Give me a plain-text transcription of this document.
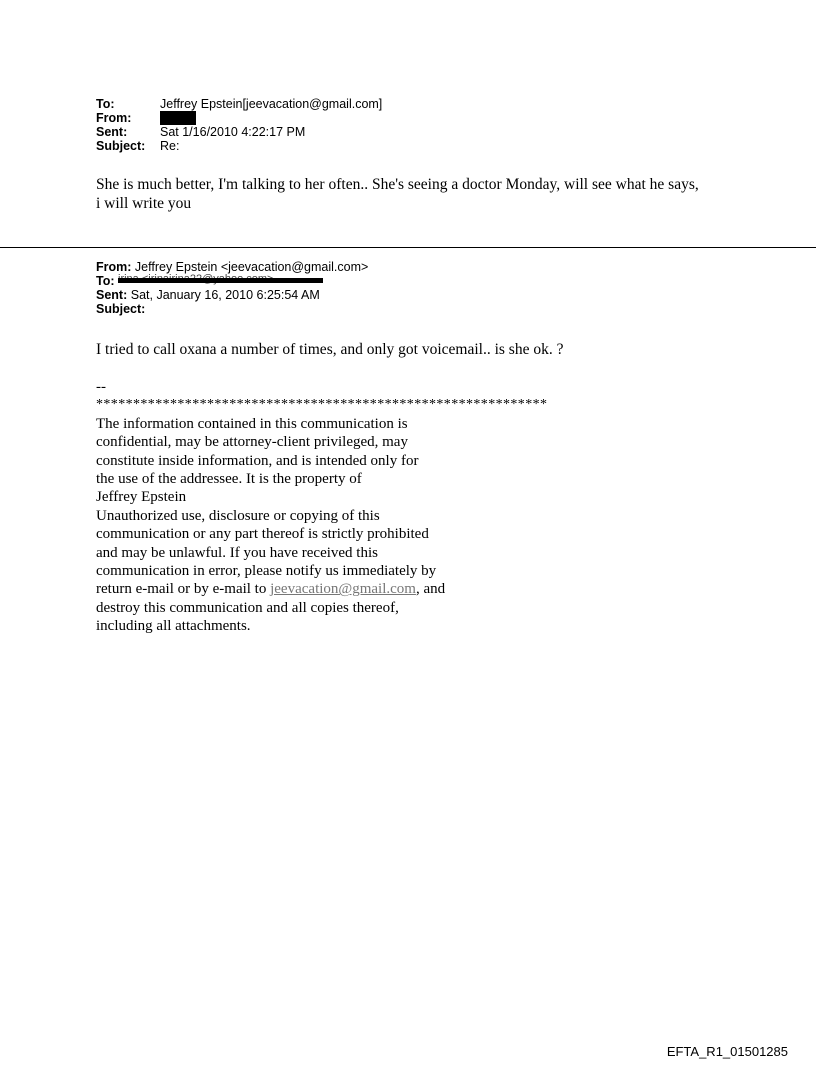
To:	Jeffrey Epstein[jeevacation@gmail.com]
From:
Sent:	Sat 1/16/2010 4:22:17 PM
Subject:	Re:
She is much better, I'm talking to her often.. She's seeing a doctor Monday, will see what he says,
i will write you
From: Jeffrey Epstein <jeevacation@gmail.com>
To:
Sent: Sat, January 16, 2010 6:25:54 AM
Subject:
I tried to call oxana a number of times, and only got voicemail.. is she ok. ?
--
*************************************************************
The information contained in this communication is
confidential, may be attorney-client privileged, may
constitute inside information, and is intended only for
the use of the addressee. It is the property of
Jeffrey Epstein
Unauthorized use, disclosure or copying of this
communication or any part thereof is strictly prohibited
and may be unlawful. If you have received this
communication in error, please notify us immediately by
return e-mail or by e-mail to jeevacation@gmail.com, and
destroy this communication and all copies thereof,
including all attachments.
EFTA_R1_01501285
